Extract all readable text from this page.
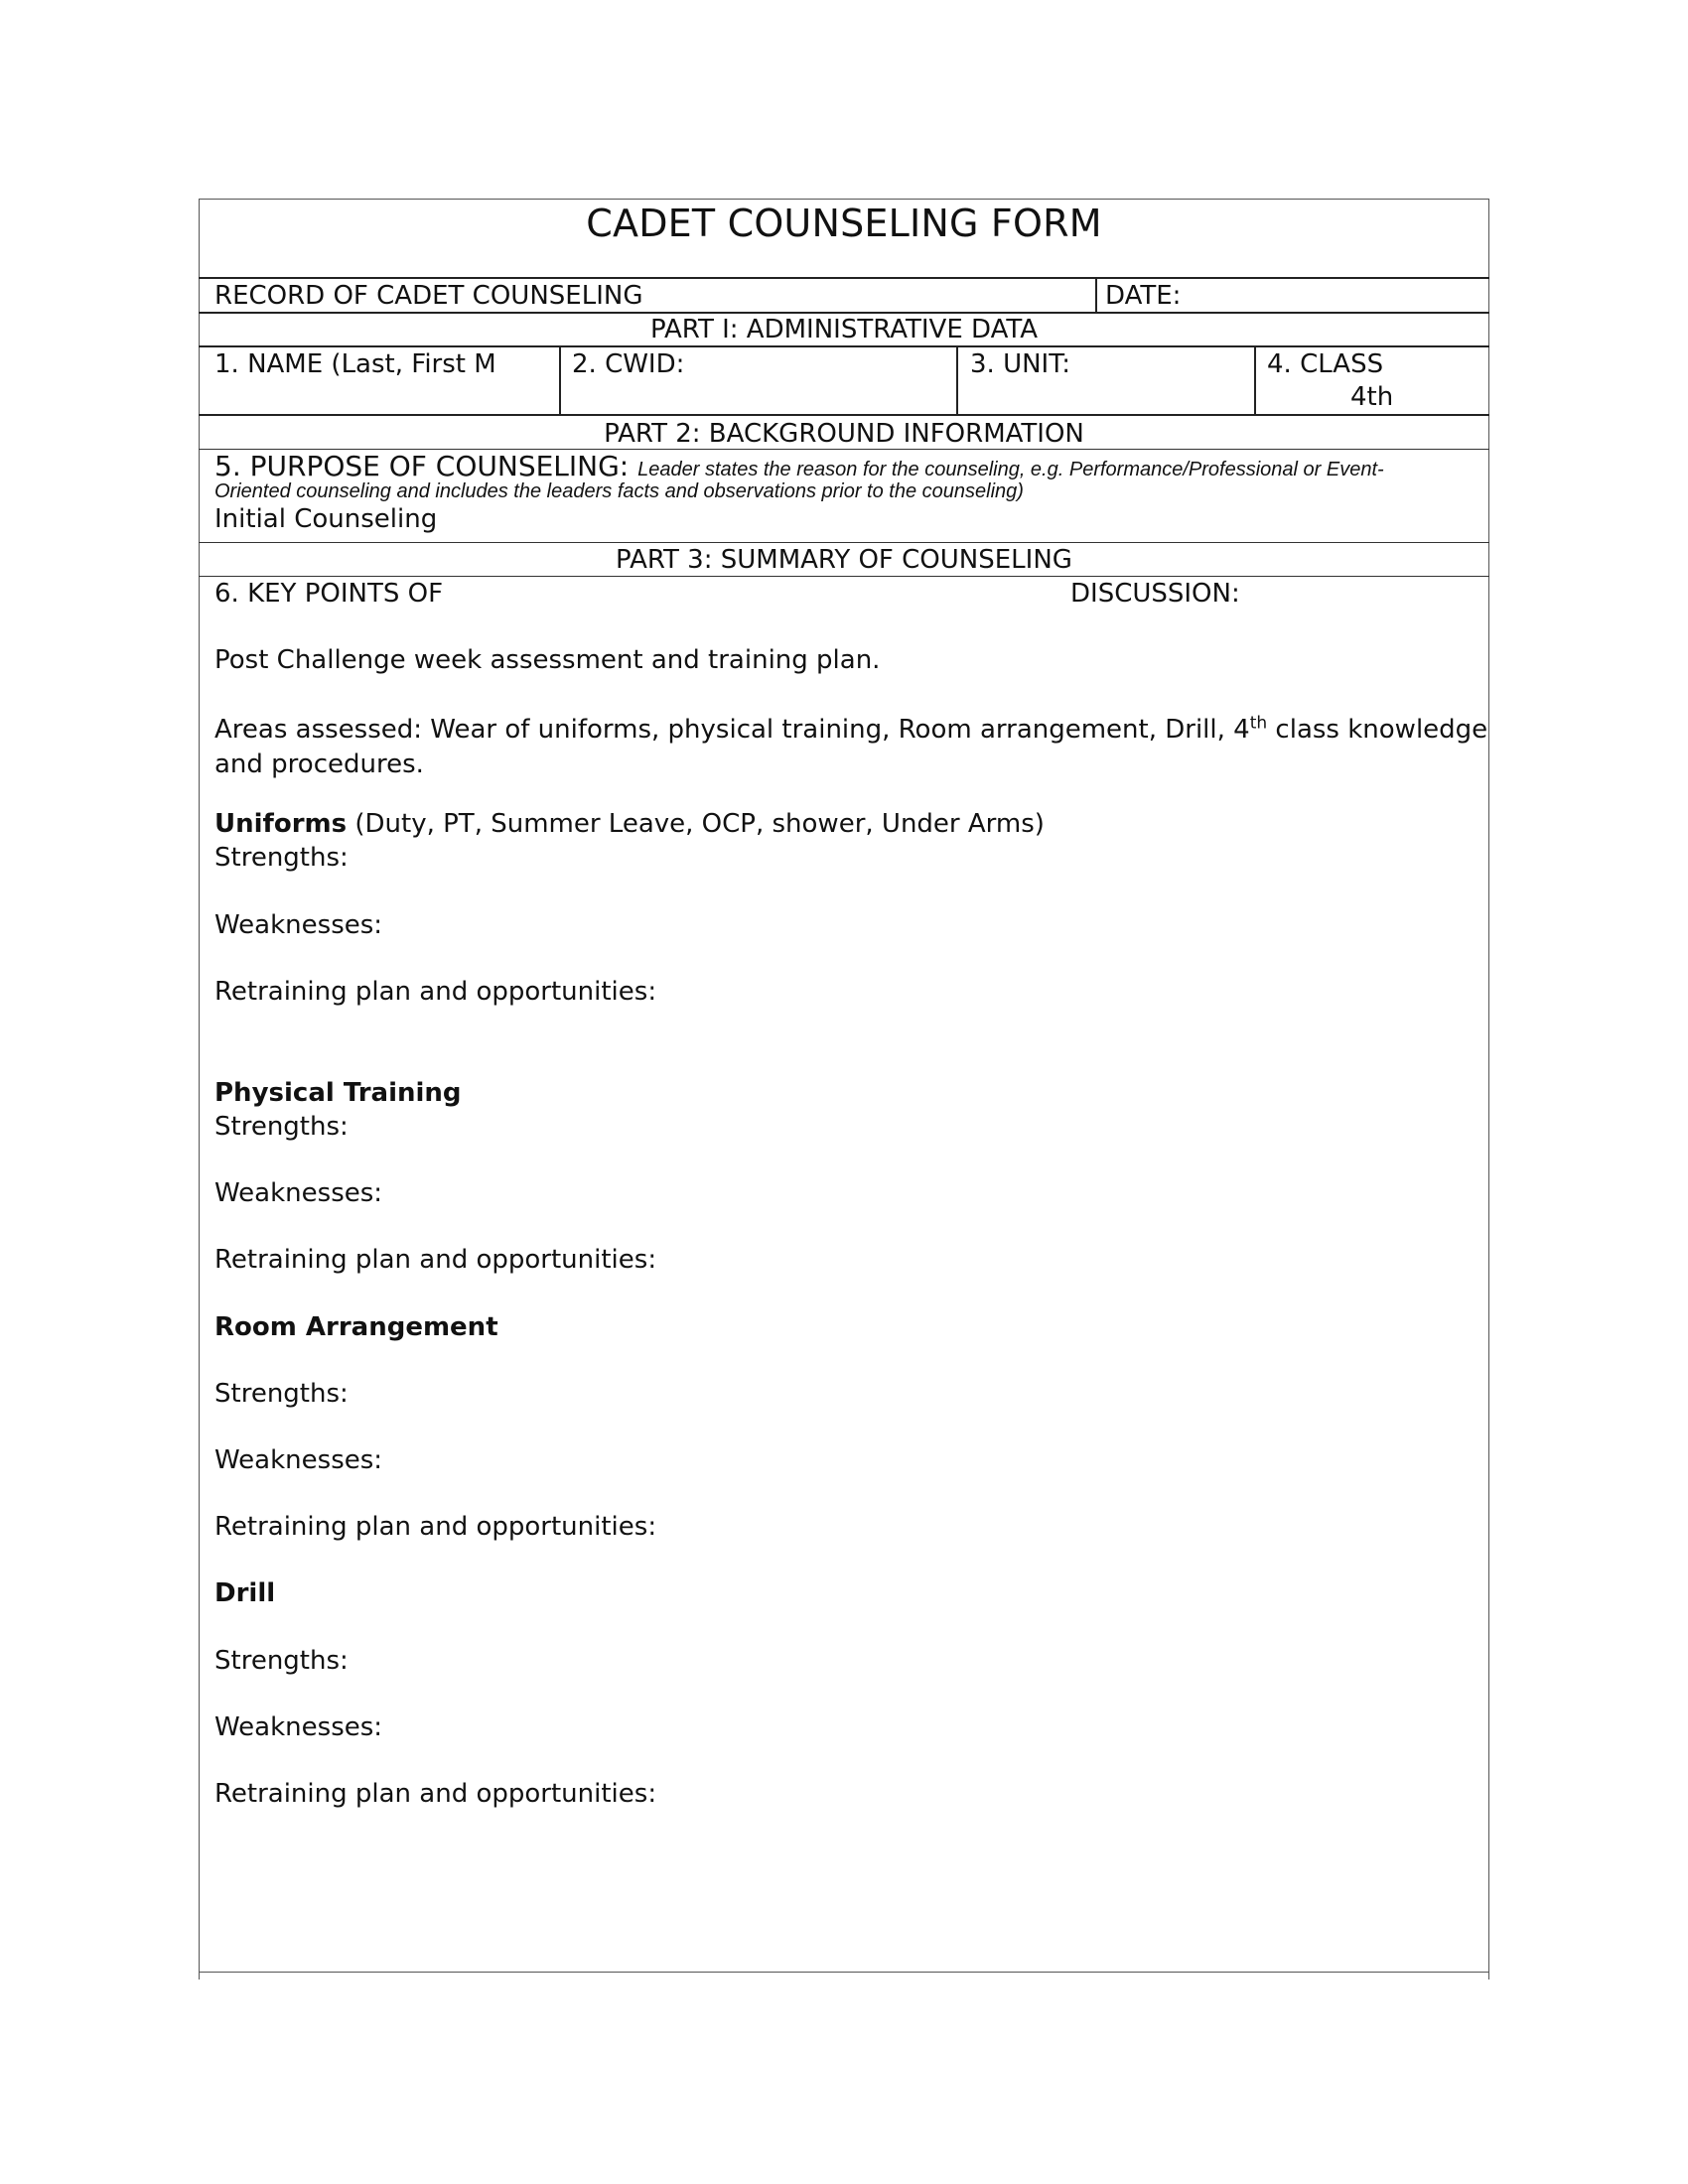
CADET COUNSELING FORM
RECORD OF CADET COUNSELING	DATE:
PART I: ADMINISTRATIVE DATA
1. NAME (Last, First M	2. CWID:	3. UNIT:	4. CLASS
4th
PART 2: BACKGROUND INFORMATION
5. PURPOSE OF COUNSELING: Leader states the reason for the counseling, e.g. Performance/Professional or Event-
Oriented counseling and includes the leaders facts and observations prior to the counseling)
Initial Counseling
PART 3: SUMMARY OF COUNSELING
6. KEY POINTS OF	DISCUSSION:
Post Challenge week assessment and training plan.
Areas assessed: Wear of uniforms, physical training, Room arrangement, Drill, 4th class knowledge
and procedures.
Uniforms (Duty, PT, Summer Leave, OCP, shower, Under Arms)
Strengths:
Weaknesses:
Retraining plan and opportunities:
Physical Training
Strengths:
Weaknesses:
Retraining plan and opportunities:
Room Arrangement
Strengths:
Weaknesses:
Retraining plan and opportunities:
Drill
Strengths:
Weaknesses:
Retraining plan and opportunities:
